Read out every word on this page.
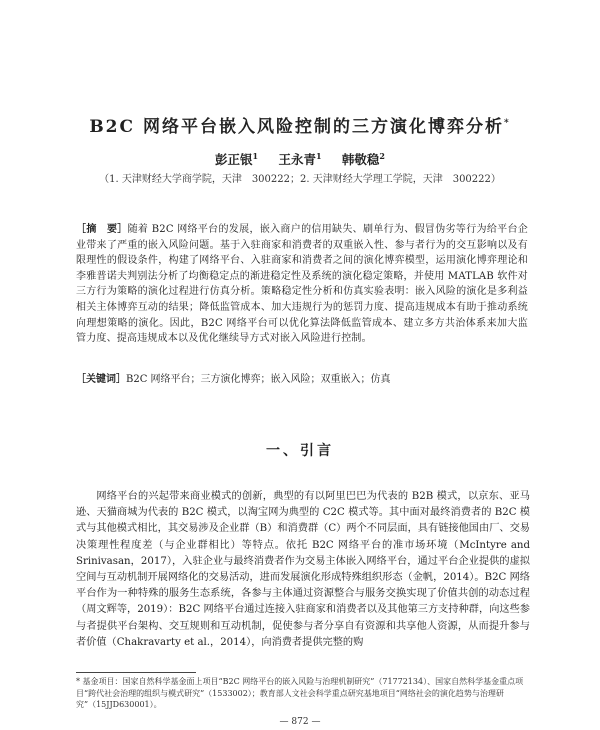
B2C 网络平台嵌入风险控制的三方演化博弈分析*
彭正银$^1$ 王永青$^1$ 韩敬稳$^2$
（1. 天津财经大学商学院，天津　300222；2. 天津财经大学理工学院，天津　300222）
［摘　要］随着 B2C 网络平台的发展，嵌入商户的信用缺失、刷单行为、假冒伪劣等行为给平台企业带来了严重的嵌入风险问题。基于入驻商家和消费者的双重嵌入性、参与者行为的交互影响以及有限理性的假设条件，构建了网络平台、入驻商家和消费者之间的演化博弈模型，运用演化博弈理论和李雅普诺夫判别法分析了均衡稳定点的渐进稳定性及系统的演化稳定策略，并使用 MATLAB 软件对三方行为策略的演化过程进行仿真分析。策略稳定性分析和仿真实验表明：嵌入风险的演化是多利益相关主体博弈互动的结果；降低监管成本、加大违规行为的惩罚力度、提高违规成本有助于推动系统向理想策略的演化。因此，B2C 网络平台可以优化算法降低监管成本、建立多方共治体系来加大监管力度、提高违规成本以及优化继续导方式对嵌入风险进行控制。
［关键词］B2C 网络平台；三方演化博弈；嵌入风险；双重嵌入；仿真
一、引言
网络平台的兴起带来商业模式的创新，典型的有以阿里巴巴为代表的 B2B 模式，以京东、亚马逊、天猫商城为代表的 B2C 模式，以淘宝网为典型的 C2C 模式等。其中面对最终消费者的 B2C 模式与其他模式相比，其交易涉及企业群（B）和消费群（C）两个不同层面，具有链接他国由厂、交易决策理性程度差（与企业群相比）等特点。依托 B2C 网络平台的准市场环境（McIntyre and Srinivasan，2017），入驻企业与最终消费者作为交易主体嵌入网络平台，通过平台企业提供的虚拟空间与互动机制开展网络化的交易活动，进而发展演化形成特殊组织形态（金帆，2014）。B2C 网络平台作为一种特殊的服务生态系统，各参与主体通过资源整合与服务交换实现了价值共创的动态过程（周文辉等，2019）：B2C 网络平台通过连接入驻商家和消费者以及其他第三方支持种群，向这些参与者提供平台架构、交互规则和互动机制，促使参与者分享自有资源和共享他人资源，从而提升参与者价值（Chakravarty et al.，2014），向消费者提供完整的购
* 基金项目：国家自然科学基金面上项目“B2C 网络平台的嵌入风险与治理机制研究”（71772134）、国家自然科学基金重点项目“跨代社会治理的组织与模式研究”（1533002）；教育部人文社会科学重点研究基地项目“网络社会的演化趋势与治理研究”（15JJD630001）。
— 872 —
